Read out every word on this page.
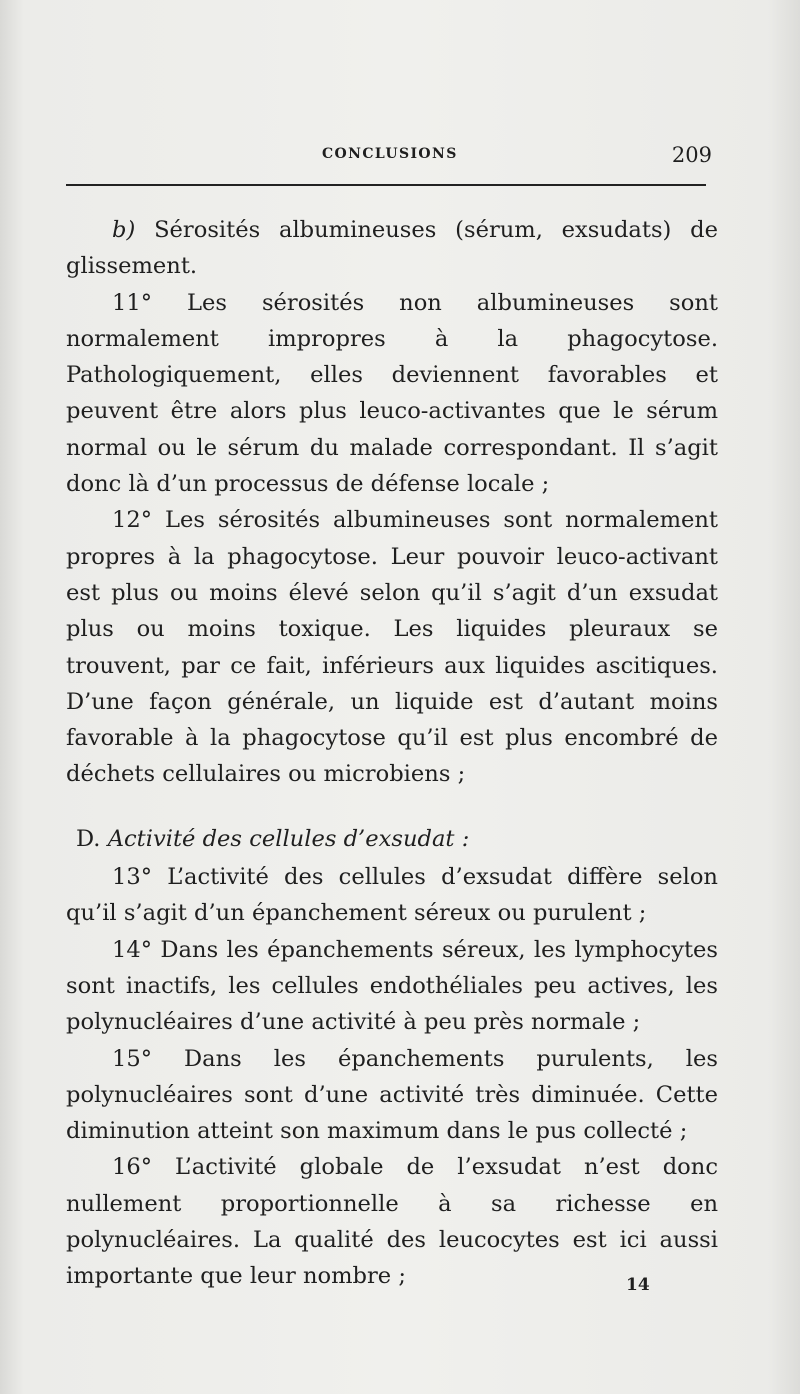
CONCLUSIONS	209

b) Sérosités albumineuses (sérum, exsudats) de glissement.

11° Les sérosités non albumineuses sont normalement impropres à la phagocytose. Pathologiquement, elles deviennent favorables et peuvent être alors plus leuco-activantes que le sérum normal ou le sérum du malade correspondant. Il s’agit donc là d’un processus de défense locale ;

12° Les sérosités albumineuses sont normalement propres à la phagocytose. Leur pouvoir leuco-activant est plus ou moins élevé selon qu’il s’agit d’un exsudat plus ou moins toxique. Les liquides pleuraux se trouvent, par ce fait, inférieurs aux liquides ascitiques. D’une façon générale, un liquide est d’autant moins favorable à la phagocytose qu’il est plus encombré de déchets cellulaires ou microbiens ;

D. Activité des cellules d’exsudat :

13° L’activité des cellules d’exsudat diffère selon qu’il s’agit d’un épanchement séreux ou purulent ;

14° Dans les épanchements séreux, les lymphocytes sont inactifs, les cellules endothéliales peu actives, les polynucléaires d’une activité à peu près normale ;

15° Dans les épanchements purulents, les polynucléaires sont d’une activité très diminuée. Cette diminution atteint son maximum dans le pus collecté ;

16° L’activité globale de l’exsudat n’est donc nullement proportionnelle à sa richesse en polynucléaires. La qualité des leucocytes est ici aussi importante que leur nombre ;	14
